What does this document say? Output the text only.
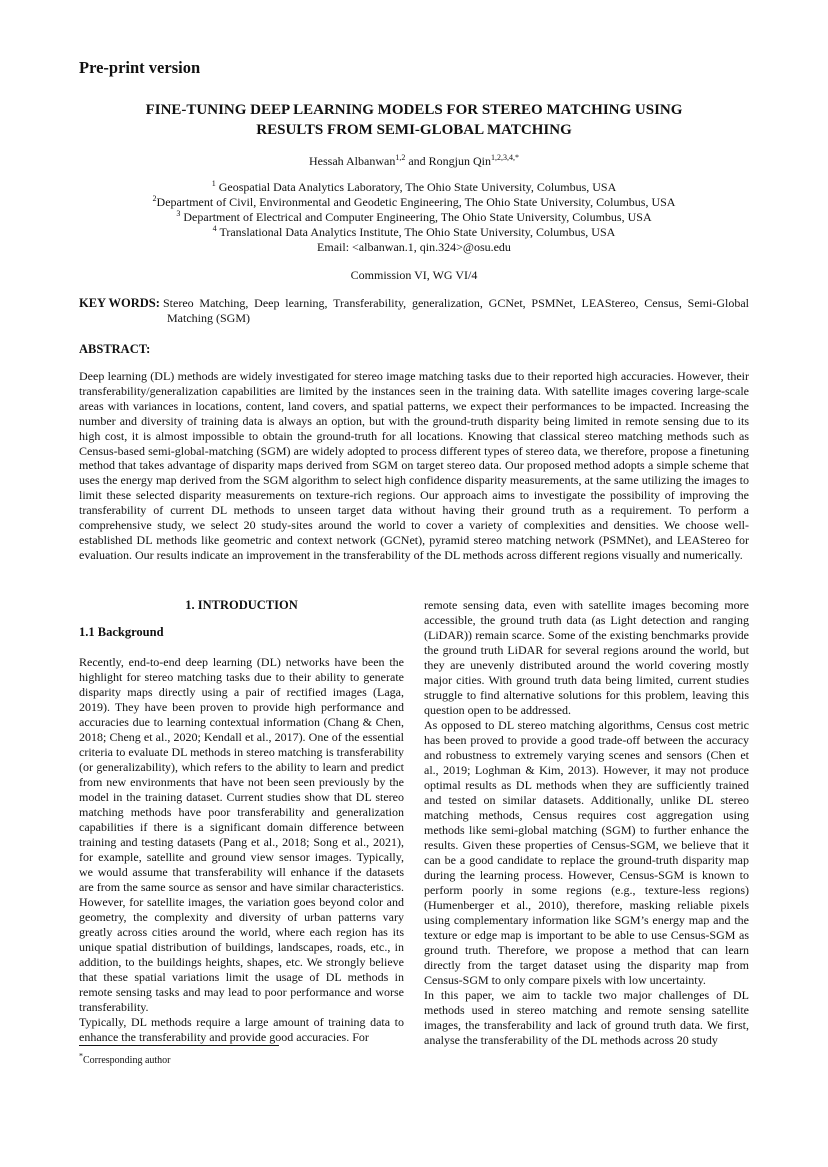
Pre-print version
FINE-TUNING DEEP LEARNING MODELS FOR STEREO MATCHING USING
RESULTS FROM SEMI-GLOBAL MATCHING

Hessah Albanwan$^{1,2}$ and Rongjun Qin$^{1,2,3,4,*}$

$^1$ Geospatial Data Analytics Laboratory, The Ohio State University, Columbus, USA
$^2$Department of Civil, Environmental and Geodetic Engineering, The Ohio State University, Columbus, USA
$^3$ Department of Electrical and Computer Engineering, The Ohio State University, Columbus, USA
$^4$ Translational Data Analytics Institute, The Ohio State University, Columbus, USA
Email: <albanwan.1, qin.324>@osu.edu

Commission VI, WG VI/4

KEY WORDS: Stereo Matching, Deep learning, Transferability, generalization, GCNet, PSMNet, LEAStereo, Census, Semi-Global Matching (SGM)

ABSTRACT:

Deep learning (DL) methods are widely investigated for stereo image matching tasks due to their reported high accuracies. However, their transferability/generalization capabilities are limited by the instances seen in the training data. With satellite images covering large-scale areas with variances in locations, content, land covers, and spatial patterns, we expect their performances to be impacted. Increasing the number and diversity of training data is always an option, but with the ground-truth disparity being limited in remote sensing due to its high cost, it is almost impossible to obtain the ground-truth for all locations. Knowing that classical stereo matching methods such as Census-based semi-global-matching (SGM) are widely adopted to process different types of stereo data, we therefore, propose a finetuning method that takes advantage of disparity maps derived from SGM on target stereo data. Our proposed method adopts a simple scheme that uses the energy map derived from the SGM algorithm to select high confidence disparity measurements, at the same utilizing the images to limit these selected disparity measurements on texture-rich regions. Our approach aims to investigate the possibility of improving the transferability of current DL methods to unseen target data without having their ground truth as a requirement. To perform a comprehensive study, we select 20 study-sites around the world to cover a variety of complexities and densities. We choose well-established DL methods like geometric and context network (GCNet), pyramid stereo matching network (PSMNet), and LEAStereo for evaluation. Our results indicate an improvement in the transferability of the DL methods across different regions visually and numerically.

1. INTRODUCTION
1.1 Background

Recently, end-to-end deep learning (DL) networks have been the highlight for stereo matching tasks due to their ability to generate disparity maps directly using a pair of rectified images (Laga, 2019). They have been proven to provide high performance and accuracies due to learning contextual information (Chang & Chen, 2018; Cheng et al., 2020; Kendall et al., 2017). One of the essential criteria to evaluate DL methods in stereo matching is transferability (or generalizability), which refers to the ability to learn and predict from new environments that have not been seen previously by the model in the training dataset. Current studies show that DL stereo matching methods have poor transferability and generalization capabilities if there is a significant domain difference between training and testing datasets (Pang et al., 2018; Song et al., 2021), for example, satellite and ground view sensor images. Typically, we would assume that transferability will enhance if the datasets are from the same source as sensor and have similar characteristics. However, for satellite images, the variation goes beyond color and geometry, the complexity and diversity of urban patterns vary greatly across cities around the world, where each region has its unique spatial distribution of buildings, landscapes, roads, etc., in addition, to the buildings heights, shapes, etc. We strongly believe that these spatial variations limit the usage of DL methods in remote sensing tasks and may lead to poor performance and worse transferability.

Typically, DL methods require a large amount of training data to enhance the transferability and provide good accuracies. For

remote sensing data, even with satellite images becoming more accessible, the ground truth data (as Light detection and ranging (LiDAR)) remain scarce. Some of the existing benchmarks provide the ground truth LiDAR for several regions around the world, but they are unevenly distributed around the world covering mostly major cities. With ground truth data being limited, current studies struggle to find alternative solutions for this problem, leaving this question open to be addressed.

As opposed to DL stereo matching algorithms, Census cost metric has been proved to provide a good trade-off between the accuracy and robustness to extremely varying scenes and sensors (Chen et al., 2019; Loghman & Kim, 2013). However, it may not produce optimal results as DL methods when they are sufficiently trained and tested on similar datasets. Additionally, unlike DL stereo matching methods, Census requires cost aggregation using methods like semi-global matching (SGM) to further enhance the results. Given these properties of Census-SGM, we believe that it can be a good candidate to replace the ground-truth disparity map during the learning process. However, Census-SGM is known to perform poorly in some regions (e.g., texture-less regions) (Humenberger et al., 2010), therefore, masking reliable pixels using complementary information like SGM’s energy map and the texture or edge map is important to be able to use Census-SGM as ground truth. Therefore, we propose a method that can learn directly from the target dataset using the disparity map from Census-SGM to only compare pixels with low uncertainty.

In this paper, we aim to tackle two major challenges of DL methods used in stereo matching and remote sensing satellite images, the transferability and lack of ground truth data. We first, analyse the transferability of the DL methods across 20 study

*Corresponding author
